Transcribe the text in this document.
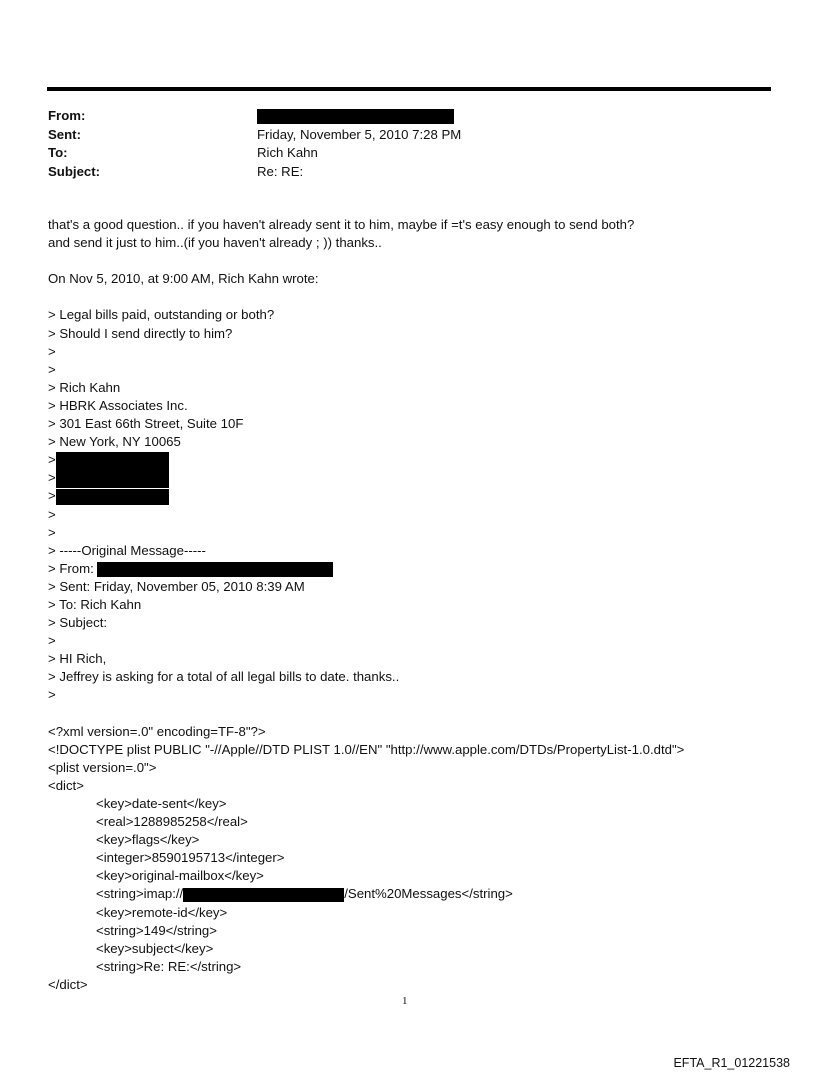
From:
Sent:	Friday, November 5, 2010 7:28 PM
To:	Rich Kahn
Subject:	Re: RE:
that's a good question.. if you haven't already sent it to him, maybe if =t's easy enough to send both?
and send it just to him..(if you haven't already ; )) thanks..
On Nov 5, 2010, at 9:00 AM, Rich Kahn wrote:
> Legal bills paid, outstanding or both?
> Should I send directly to him?
>
>
> Rich Kahn
> HBRK Associates Inc.
> 301 East 66th Street, Suite 10F
> New York, NY 10065
>
>
>
>
>
> -----Original Message-----
> From:
> Sent: Friday, November 05, 2010 8:39 AM
> To: Rich Kahn
> Subject:
>
> HI Rich,
> Jeffrey is asking for a total of all legal bills to date. thanks..
>
<?xml version=.0" encoding=TF-8"?>
<!DOCTYPE plist PUBLIC "-//Apple//DTD PLIST 1.0//EN" "http://www.apple.com/DTDs/PropertyList-1.0.dtd">
<plist version=.0">
<dict>
<key>date-sent</key>
<real>1288985258</real>
<key>flags</key>
<integer>8590195713</integer>
<key>original-mailbox</key>
<string>imap://	/Sent%20Messages</string>
<key>remote-id</key>
<string>149</string>
<key>subject</key>
<string>Re: RE:</string>
</dict>
1
EFTA_R1_01221538
